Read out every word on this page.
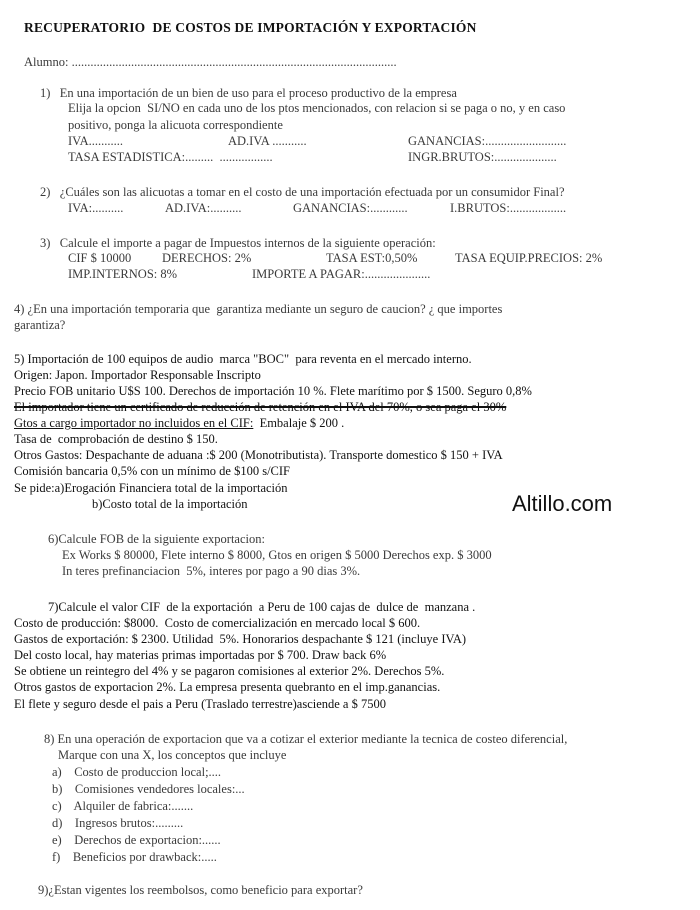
RECUPERATORIO  DE COSTOS DE IMPORTACIÓN Y EXPORTACIÓN
Alumno: ........................................................................................................
1)   En una importación de un bien de uso para el proceso productivo de la empresa
Elija la opcion  SI/NO en cada uno de los ptos mencionados, con relacion si se paga o no, y en caso
positivo, ponga la alicuota correspondiente
IVA...........	AD.IVA ...........	GANANCIAS:..........................
TASA ESTADISTICA:.........  .................	INGR.BRUTOS:....................
2)   ¿Cuáles son las alicuotas a tomar en el costo de una importación efectuada por un consumidor Final?
IVA:..........	AD.IVA:..........	GANANCIAS:............	I.BRUTOS:..................
3)   Calcule el importe a pagar de Impuestos internos de la siguiente operación:
CIF $ 10000 DERECHOS: 2%	TASA EST:0,50%	TASA EQUIP.PRECIOS: 2%
IMP.INTERNOS: 8%	IMPORTE A PAGAR:.....................
4) ¿En una importación temporaria que  garantiza mediante un seguro de caucion? ¿ que importes
garantiza?
5) Importación de 100 equipos de audio  marca "BOC"  para reventa en el mercado interno.
Origen: Japon. Importador Responsable Inscripto
Precio FOB unitario U$S 100. Derechos de importación 10 %. Flete marítimo por $ 1500. Seguro 0,8%
El importador tiene un certificado de reducción de retención en el IVA del 70%, o sea paga el 30%
Gtos a cargo importador no incluidos en el CIF:  Embalaje $ 200 .
Tasa de  comprobación de destino $ 150.
Otros Gastos: Despachante de aduana :$ 200 (Monotributista). Transporte domestico $ 150 + IVA
Comisión bancaria 0,5% con un mínimo de $100 s/CIF
Se pide:a)Erogación Financiera total de la importación
b)Costo total de la importación	Altillo.com
6)Calcule FOB de la siguiente exportacion:
Ex Works $ 80000, Flete interno $ 8000, Gtos en origen $ 5000 Derechos exp. $ 3000
In teres prefinanciacion  5%, interes por pago a 90 dias 3%.
7)Calcule el valor CIF  de la exportación  a Peru de 100 cajas de  dulce de  manzana .
Costo de producción: $8000.  Costo de comercialización en mercado local $ 600.
Gastos de exportación: $ 2300. Utilidad  5%. Honorarios despachante $ 121 (incluye IVA)
Del costo local, hay materias primas importadas por $ 700. Draw back 6%
Se obtiene un reintegro del 4% y se pagaron comisiones al exterior 2%. Derechos 5%.
Otros gastos de exportacion 2%. La empresa presenta quebranto en el imp.ganancias.
El flete y seguro desde el pais a Peru (Traslado terrestre)asciende a $ 7500
8) En una operación de exportacion que va a cotizar el exterior mediante la tecnica de costeo diferencial,
Marque con una X, los conceptos que incluye
a)    Costo de produccion local;....
b)    Comisiones vendedores locales:...
c)    Alquiler de fabrica:.......
d)    Ingresos brutos:.........
e)    Derechos de exportacion:......
f)    Beneficios por drawback:.....
9)¿Estan vigentes los reembolsos, como beneficio para exportar?
